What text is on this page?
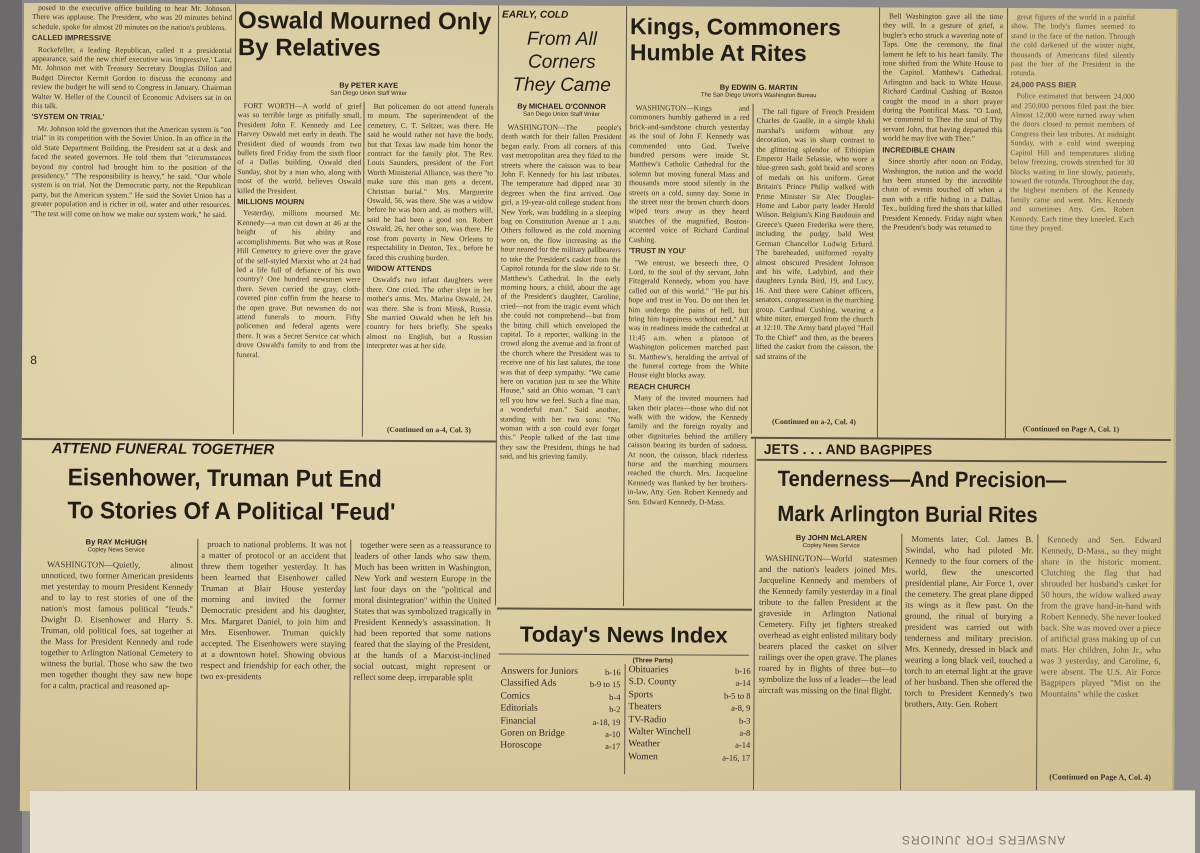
posed to the executive office building to hear Mr. Johnson. There was applause. The President, who was 20 minutes behind schedule, spoke for almost 20 minutes on the nation's problems.

CALLED IMPRESSIVE

Rockefeller, a leading Republican, called it a presidential appearance, said the new chief executive was 'impressive.' Later, Mr. Johnson met with Treasury Secretary Douglas Dillon and Budget Director Kermit Gordon to discuss the economy and review the budget he will send to Congress in January. Chairman Walter W. Heller of the Council of Economic Advisers sat in on this talk.

'SYSTEM ON TRIAL'

Mr. Johnson told the governors that the American system is "on trial" in its competition with the Soviet Union. In an office in the old State Department Building, the President sat at a desk and faced the seated governors. He told them that "circumstances beyond my control had brought him to the position of the presidency." "The responsibility is heavy," he said. "Our whole system is on trial. Not the Democratic party, not the Republican party, but the American system." He said the Soviet Union has a greater population and is richer in oil, water and other resources. "The test will come on how we make our system work," he said.

Oswald Mourned Only By Relatives
By PETER KAYE
San Diego Union Staff Writer

FORT WORTH—A world of grief was so terrible large as pitifully small. President John F. Kennedy and Lee Harvey Oswald met early in death. The President died of wounds from two bullets fired Friday from the sixth floor of a Dallas building. Oswald died Sunday, shot by a man who, along with most of the world, believes Oswald killed the President.

MILLIONS MOURN

Yesterday, millions mourned Mr. Kennedy—a man cut down at 46 at the height of his ability and accomplishments. But who was at Rose Hill Cemetery to grieve over the grave of the self-styled Marxist who at 24 had led a life full of defiance of his own country? One hundred newsmen were there. Seven carried the gray, cloth-covered pine coffin from the hearse to the open grave. But newsmen do not attend funerals to mourn. Fifty policemen and federal agents were there. It was a Secret Service car which drove Oswald's family to and from the funeral.

But policemen do not attend funerals to mourn. The superintendent of the cemetery, C. T. Seltzer, was there. He said he would rather not have the body, but that Texas law made him honor the contract for the family plot. The Rev. Louis Saunders, president of the Fort Worth Ministerial Alliance, was there "to make sure this man gets a decent, Christian burial." Mrs. Marguerite Oswald, 56, was there. She was a widow before he was born and, as mothers will, said he had been a good son. Robert Oswald, 26, her other son, was there. He rose from poverty in New Orleans to respectability in Denton, Tex., before he faced this crushing burden.

WIDOW ATTENDS

Oswald's two infant daughters were there. One cried. The other slept in her mother's arms. Mrs. Marina Oswald, 24, was there. She is from Minsk, Russia. She married Oswald when he left his country for hers briefly. She speaks almost no English, but a Russian interpreter was at her side.

(Continued on a-4, Col. 3)
EARLY, COLD
From All
Corners
They Came
By MICHAEL O'CONNOR
San Diego Union Staff Writer

WASHINGTON—The people's death watch for their fallen President began early. From all corners of this vast metropolitan area they filed to the streets where the caisson was to bear John F. Kennedy for his last tributes. The temperature had dipped near 30 degrees when the first arrived. One girl, a 19-year-old college student from New York, was huddling in a sleeping bag on Constitution Avenue at 1 a.m. Others followed as the cold morning wore on, the flow increasing as the hour neared for the military pallbearers to take the President's casket from the Capitol rotunda for the slow ride to St. Matthew's Cathedral. In the early morning hours, a child, about the age of the President's daughter, Caroline, cried—not from the tragic event which she could not comprehend—but from the biting chill which enveloped the capital. To a reporter, walking in the crowd along the avenue and in front of the church where the President was to receive one of his last salutes, the tone was that of deep sympathy. "We came here on vacation just to see the White House," said an Ohio woman. "I can't tell you how we feel. Such a fine man, a wonderful man." Said another, standing with her two sons: "No woman with a son could ever forget this." People talked of the last time they saw the President, things he had said, and his grieving family.

Kings, Commoners Humble At Rites
By EDWIN G. MARTIN
The San Diego Union's Washington Bureau

WASHINGTON—Kings and commoners humbly gathered in a red brick-and-sandstone church yesterday as the soul of John F. Kennedy was commended unto God. Twelve hundred persons were inside St. Matthew's Catholic Cathedral for the solemn but moving funeral Mass and thousands more stood silently in the streets on a cold, sunny day. Some in the street near the brown church doors wiped tears away as they heard snatches of the magnified, Boston-accented voice of Richard Cardinal Cushing.

'TRUST IN YOU'

"We entrust, we beseech thee, O Lord, to the soul of thy servant, John Fitzgerald Kennedy, whom you have called out of this world." "He put his hope and trust in You. Do not then let him undergo the pains of hell, but bring him happiness without end." All was in readiness inside the cathedral at 11:45 a.m. when a platoon of Washington policemen marched past St. Matthew's, heralding the arrival of the funeral cortege from the White House eight blocks away.

REACH CHURCH

Many of the invited mourners had taken their places—those who did not walk with the widow, the Kennedy family and the foreign royalty and other dignitaries behind the artillery caisson bearing its burden of sadness. At noon, the caisson, black riderless horse and the marching mourners reached the church. Mrs. Jacqueline Kennedy was flanked by her brothers-in-law, Atty. Gen. Robert Kennedy and Sen. Edward Kennedy, D-Mass.

The tall figure of French President Charles de Gaulle, in a simple khaki marshal's uniform without any decoration, was in sharp contrast to the glittering splendor of Ethiopian Emperor Haile Selassie, who wore a blue-green sash, gold braid and scores of medals on his uniform. Great Britain's Prince Philip walked with Prime Minister Sir Alec Douglas-Home and Labor party leader Harold Wilson. Belgium's King Baudouin and Greece's Queen Frederika were there, including the pudgy, bald West German Chancellor Ludwig Erhard. The bareheaded, uniformed royalty almost obscured President Johnson and his wife, Ladybird, and their daughters Lynda Bird, 19, and Lucy, 16. And there were Cabinet officers, senators, congressmen in the marching group. Cardinal Cushing, wearing a white miter, emerged from the church at 12:10. The Army band played "Hail To the Chief" and then, as the bearers lifted the casket from the caisson, the sad strains of the

(Continued on a-2, Col. 4)

Bell Washington gave all the time they will. In a gesture of grief, a bugler's echo struck a wavering note of Taps. One the ceremony, the final lament he left to his heart family. The tone shifted from the White House to the Capitol. Matthew's Cathedral. Arlington and back to White House. Richard Cardinal Cushing of Boston caught the mood in a short prayer during the Pontifical Mass. "O Lord, we commend to Thee the soul of Thy servant John, that having departed this world he may live with Thee."

INCREDIBLE CHAIN

Since shortly after noon on Friday, Washington, the nation and the world has been stunned by the incredible chain of events touched off when a man with a rifle hiding in a Dallas, Tex., building fired the shots that killed President Kennedy. Friday night when the President's body was returned to

great figures of the world in a painful show. The body's flames seemed to stand in the face of the nation. Through the cold darkened of the winter night, thousands of Americans filed silently past the bier of the President in the rotunda.

24,000 PASS BIER

Police estimated that between 24,000 and 250,000 persons filed past the bier. Almost 12,000 were turned away when the doors closed to permit members of Congress their last tributes. At midnight Sunday, with a cold wind sweeping Capitol Hill and temperatures sliding below freezing, crowds stretched for 30 blocks waiting in line slowly, patiently, toward the rotunda. Throughout the day, the highest members of the Kennedy family came and went. Mrs. Kennedy and sometimes Atty. Gen. Robert Kennedy. Each time they kneeled. Each time they prayed.

(Continued on Page A, Col. 1)
ATTEND FUNERAL TOGETHER
Eisenhower, Truman Put End
To Stories Of A Political 'Feud'
By RAY McHUGH
Copley News Service

WASHINGTON—Quietly, almost unnoticed, two former American presidents met yesterday to mourn President Kennedy and to lay to rest stories of one of the nation's most famous political "feuds." Dwight D. Eisenhower and Harry S. Truman, old political foes, sat together at the Mass for President Kennedy and rode together to Arlington National Cemetery to witness the burial. Those who saw the two men together thought they saw new hope for a calm, practical and reasoned ap-

proach to national problems. It was not a matter of protocol or an accident that threw them together yesterday. It has been learned that Eisenhower called Truman at Blair House yesterday morning and invited the former Democratic president and his daughter, Mrs. Margaret Daniel, to join him and Mrs. Eisenhower. Truman quickly accepted. The Eisenhowers were staying at a downtown hotel. Showing obvious respect and friendship for each other, the two ex-presidents

together were seen as a reassurance to leaders of other lands who saw them. Much has been written in Washington, New York and western Europe in the last four days on the "political and moral disintegration" within the United States that was symbolized tragically in President Kennedy's assassination. It had been reported that some nations feared that the slaying of the President, at the hands of a Marxist-inclined social outcast, might represent or reflect some deep, irreparable split

Today's News Index
(Three Parts)
Answers for Juniors	b-16
Classified Ads	b-9 to 15
Comics	b-4
Editorials	b-2
Financial	a-18, 19
Goren on Bridge	a-10
Horoscope	a-17
Obituaries	b-16
S.D. County	a-14
Sports	b-5 to 8
Theaters	a-8, 9
TV-Radio	b-3
Walter Winchell	a-8
Weather	a-14
Women	a-16, 17
JETS . . . AND BAGPIPES
Tenderness—And Precision—
Mark Arlington Burial Rites
By JOHN McLAREN
Copley News Service

WASHINGTON—World statesmen and the nation's leaders joined Mrs. Jacqueline Kennedy and members of the Kennedy family yesterday in a final tribute to the fallen President at the graveside in Arlington National Cemetery. Fifty jet fighters streaked overhead as eight enlisted military body bearers placed the casket on silver railings over the open grave. The planes roared by in flights of three but—to symbolize the loss of a leader—the lead aircraft was missing on the final flight.

Moments later, Col. James B. Swindal, who had piloted Mr. Kennedy to the four corners of the world, flew the unescorted presidential plane, Air Force 1, over the cemetery. The great plane dipped its wings as it flew past. On the ground, the ritual of burying a president was carried out with tenderness and military precision. Mrs. Kennedy, dressed in black and wearing a long black veil, touched a torch to an eternal light at the grave of her husband. Then she offered the torch to President Kennedy's two brothers, Atty. Gen. Robert

Kennedy and Sen. Edward Kennedy, D-Mass., so they might share in the historic moment. Clutching the flag that had shrouded her husband's casket for 50 hours, the widow walked away from the grave hand-in-hand with Robert Kennedy. She never looked back. She was moved over a piece of artificial grass making up of cut mats. Her children, John Jr., who was 3 yesterday, and Caroline, 6, were absent. The U.S. Air Force Bagpipers played "Mist on the Mountains" while the casket

(Continued on Page A, Col. 4)
8
ANSWERS FOR JUNIORS
